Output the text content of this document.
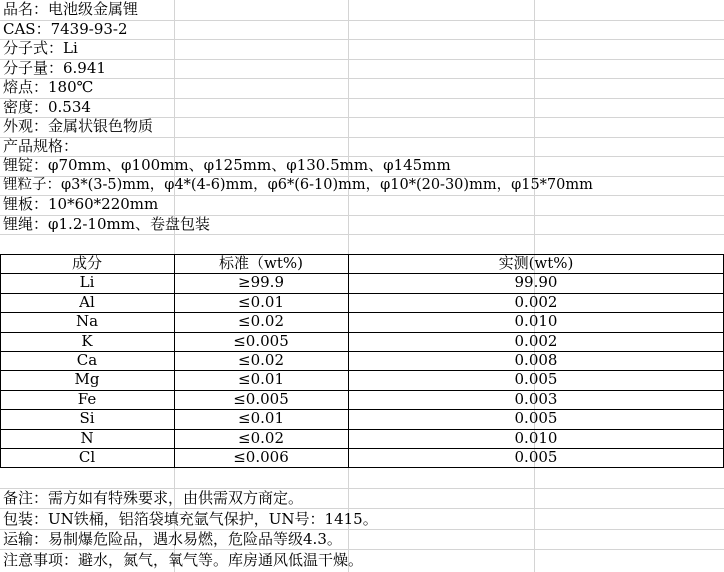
品名：电池级金属锂
CAS：7439-93-2
分子式：Li
分子量：6.941
熔点：180℃
密度：0.534
外观：金属状银色物质
产品规格：
锂锭：φ70mm、φ100mm、φ125mm、φ130.5mm、φ145mm
锂粒子：φ3*(3-5)mm，φ4*(4-6)mm，φ6*(6-10)mm，φ10*(20-30)mm，φ15*70mm
锂板：10*60*220mm
锂绳：φ1.2-10mm、卷盘包装
成分	标准（wt%)	实测(wt%)
Li	≥99.9	99.90
Al	≤0.01	0.002
Na	≤0.02	0.010
K	≤0.005	0.002
Ca	≤0.02	0.008
Mg	≤0.01	0.005
Fe	≤0.005	0.003
Si	≤0.01	0.005
N	≤0.02	0.010
Cl	≤0.006	0.005
备注：需方如有特殊要求，由供需双方商定。
包装：UN铁桶，铝箔袋填充氩气保护，UN号：1415。
运输：易制爆危险品，遇水易燃，危险品等级4.3。
注意事项：避水，氮气，氧气等。库房通风低温干燥。
